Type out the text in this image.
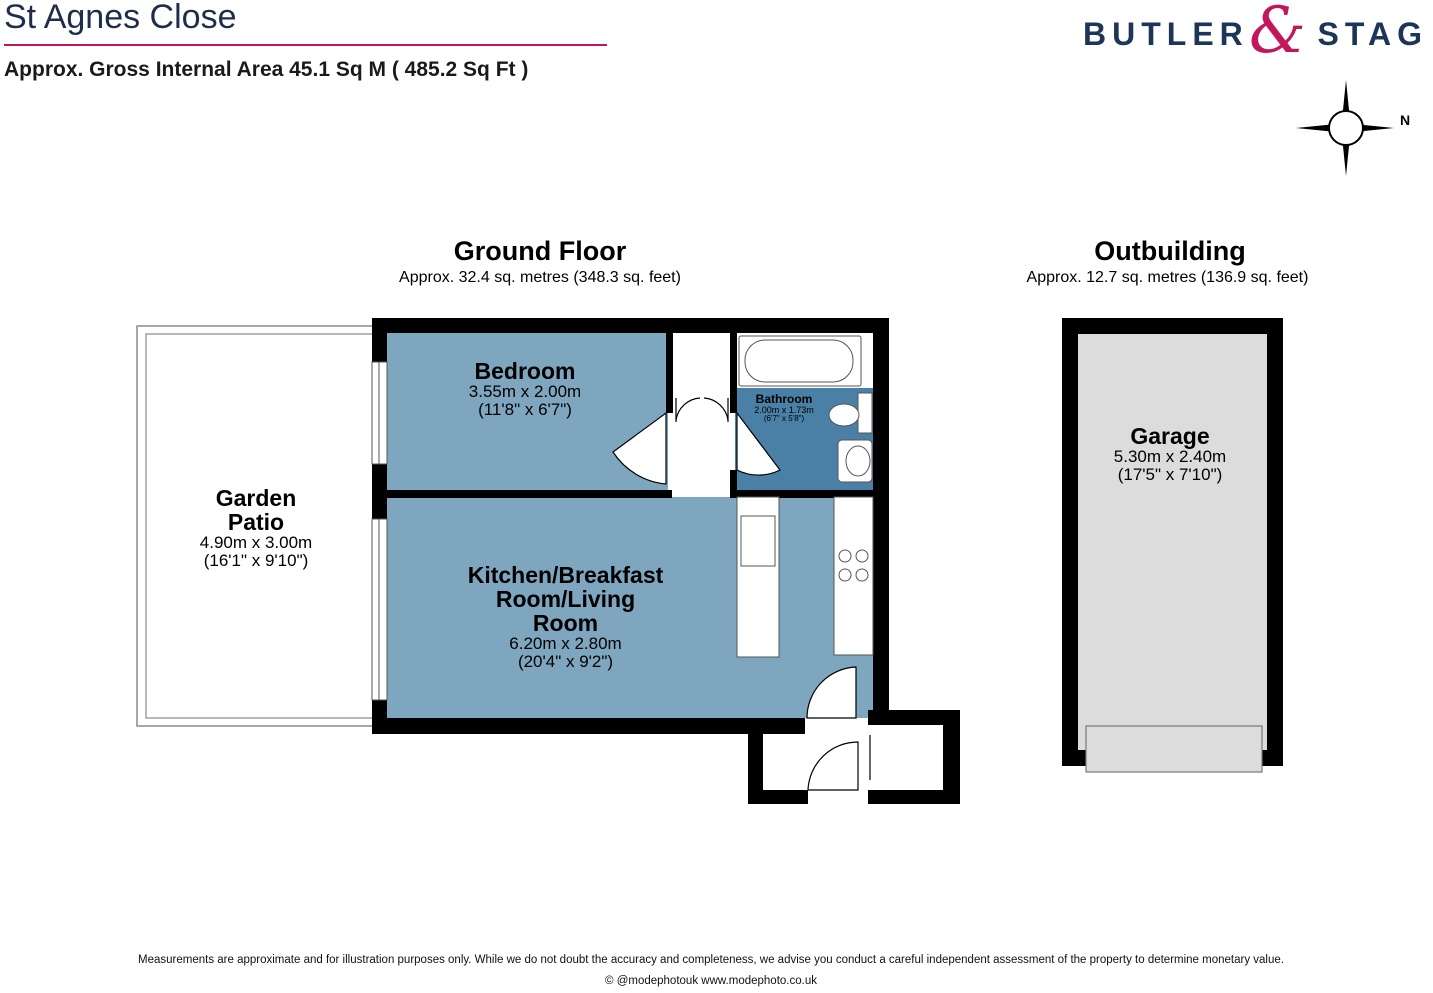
St Agnes Close
Approx. Gross Internal Area 45.1 Sq M ( 485.2 Sq Ft )
BUTLER & STAG
N
Ground Floor
Approx. 32.4 sq. metres (348.3 sq. feet)
Outbuilding
Approx. 12.7 sq. metres (136.9 sq. feet)
Garden
Patio
4.90m x 3.00m
(16'1" x 9'10")
Bedroom
3.55m x 2.00m
(11'8" x 6'7")
Bathroom
2.00m x 1.73m
(6'7" x 5'8")
Kitchen/Breakfast
Room/Living
Room
6.20m x 2.80m
(20'4" x 9'2")
Garage
5.30m x 2.40m
(17'5" x 7'10")
Measurements are approximate and for illustration purposes only. While we do not doubt the accuracy and completeness, we advise you conduct a careful independent assessment of the property to determine monetary value.
© @modephotouk www.modephoto.co.uk
